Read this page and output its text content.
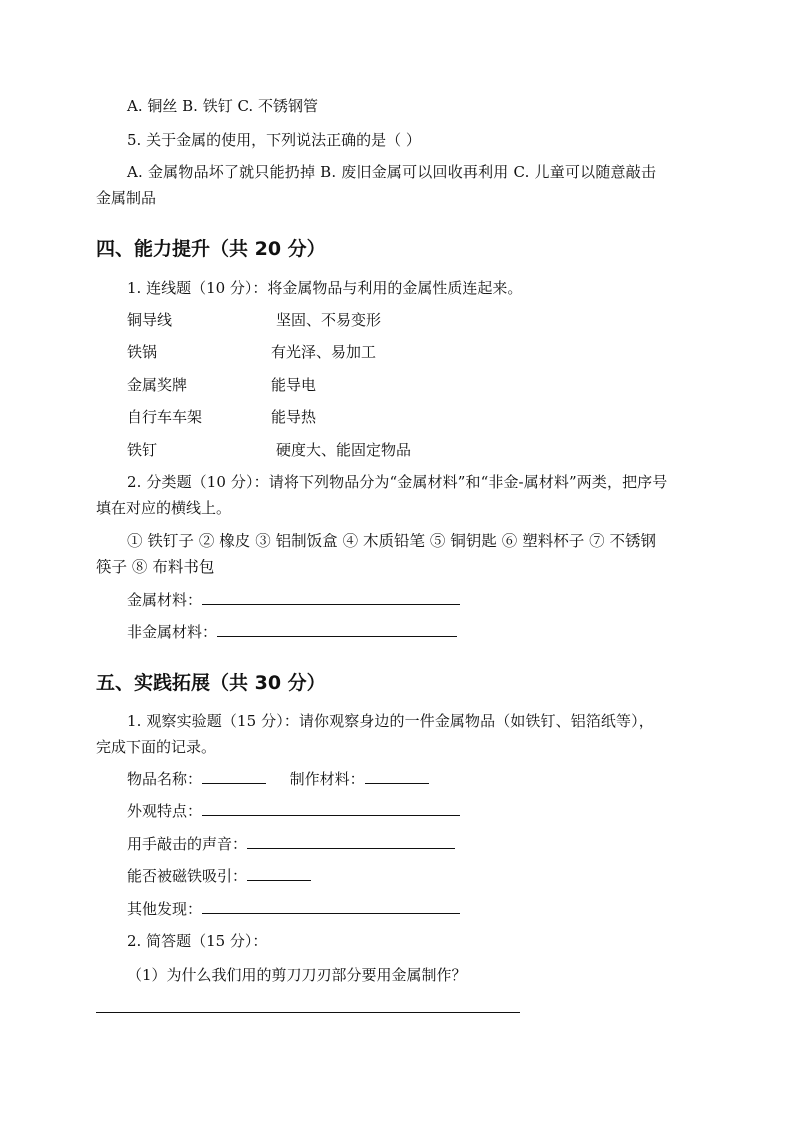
A. 铜丝 B. 铁钉 C. 不锈钢管
5. 关于金属的使用，下列说法正确的是（ ）
A. 金属物品坏了就只能扔掉 B. 废旧金属可以回收再利用 C. 儿童可以随意敲击
金属制品
四、能力提升（共 20 分）
1. 连线题（10 分）：将金属物品与利用的金属性质连起来。
铜导线	坚固、不易变形
铁锅	有光泽、易加工
金属奖牌	能导电
自行车车架	能导热
铁钉	硬度大、能固定物品
2. 分类题（10 分）：请将下列物品分为“金属材料”和“非金-属材料”两类，把序号
填在对应的横线上。
① 铁钉子 ② 橡皮 ③ 铝制饭盒 ④ 木质铅笔 ⑤ 铜钥匙 ⑥ 塑料杯子 ⑦ 不锈钢
筷子 ⑧ 布料书包
金属材料：
非金属材料：
五、实践拓展（共 30 分）
1. 观察实验题（15 分）：请你观察身边的一件金属物品（如铁钉、铝箔纸等），
完成下面的记录。
物品名称：	制作材料：
外观特点：
用手敲击的声音：
能否被磁铁吸引：
其他发现：
2. 简答题（15 分）：
（1）为什么我们用的剪刀刀刃部分要用金属制作？
